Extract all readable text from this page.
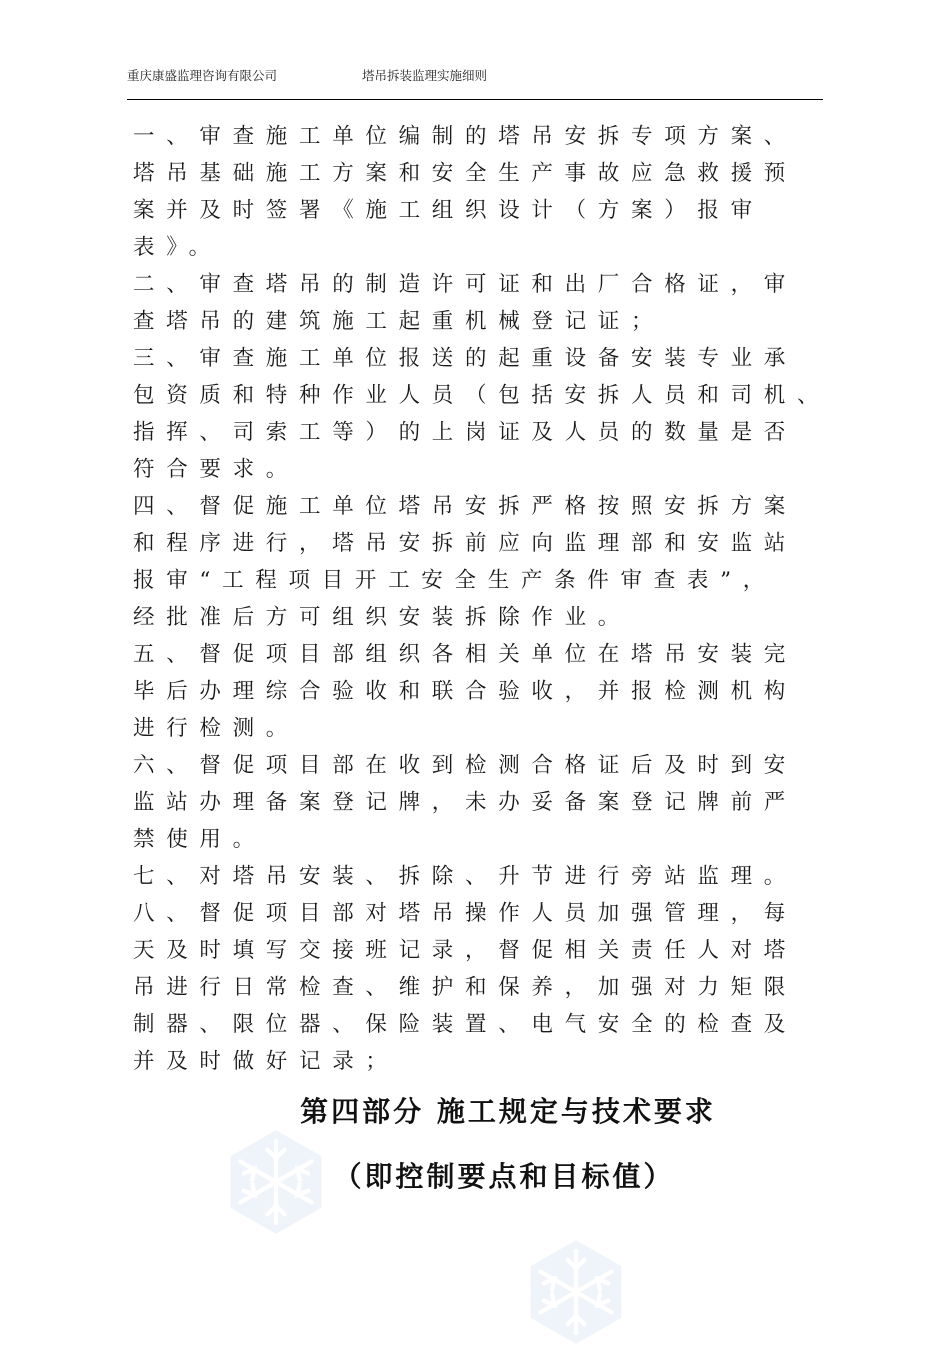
重庆康盛监理咨询有限公司	塔吊拆装监理实施细则
一、审查施工单位编制的塔吊安拆专项方案、
塔吊基础施工方案和安全生产事故应急救援预
案并及时签署《施工组织设计（方案）报审
表》。
二、审查塔吊的制造许可证和出厂合格证，审
查塔吊的建筑施工起重机械登记证；
三、审查施工单位报送的起重设备安装专业承
包资质和特种作业人员（包括安拆人员和司机、
指挥、司索工等）的上岗证及人员的数量是否
符合要求。
四、督促施工单位塔吊安拆严格按照安拆方案
和程序进行，塔吊安拆前应向监理部和安监站
报审“工程项目开工安全生产条件审查表”，
经批准后方可组织安装拆除作业。
五、督促项目部组织各相关单位在塔吊安装完
毕后办理综合验收和联合验收，并报检测机构
进行检测。
六、督促项目部在收到检测合格证后及时到安
监站办理备案登记牌，未办妥备案登记牌前严
禁使用。
七、对塔吊安装、拆除、升节进行旁站监理。
八、督促项目部对塔吊操作人员加强管理，每
天及时填写交接班记录，督促相关责任人对塔
吊进行日常检查、维护和保养，加强对力矩限
制器、限位器、保险装置、电气安全的检查及
并及时做好记录；
第四部分 施工规定与技术要求
（即控制要点和目标值）
